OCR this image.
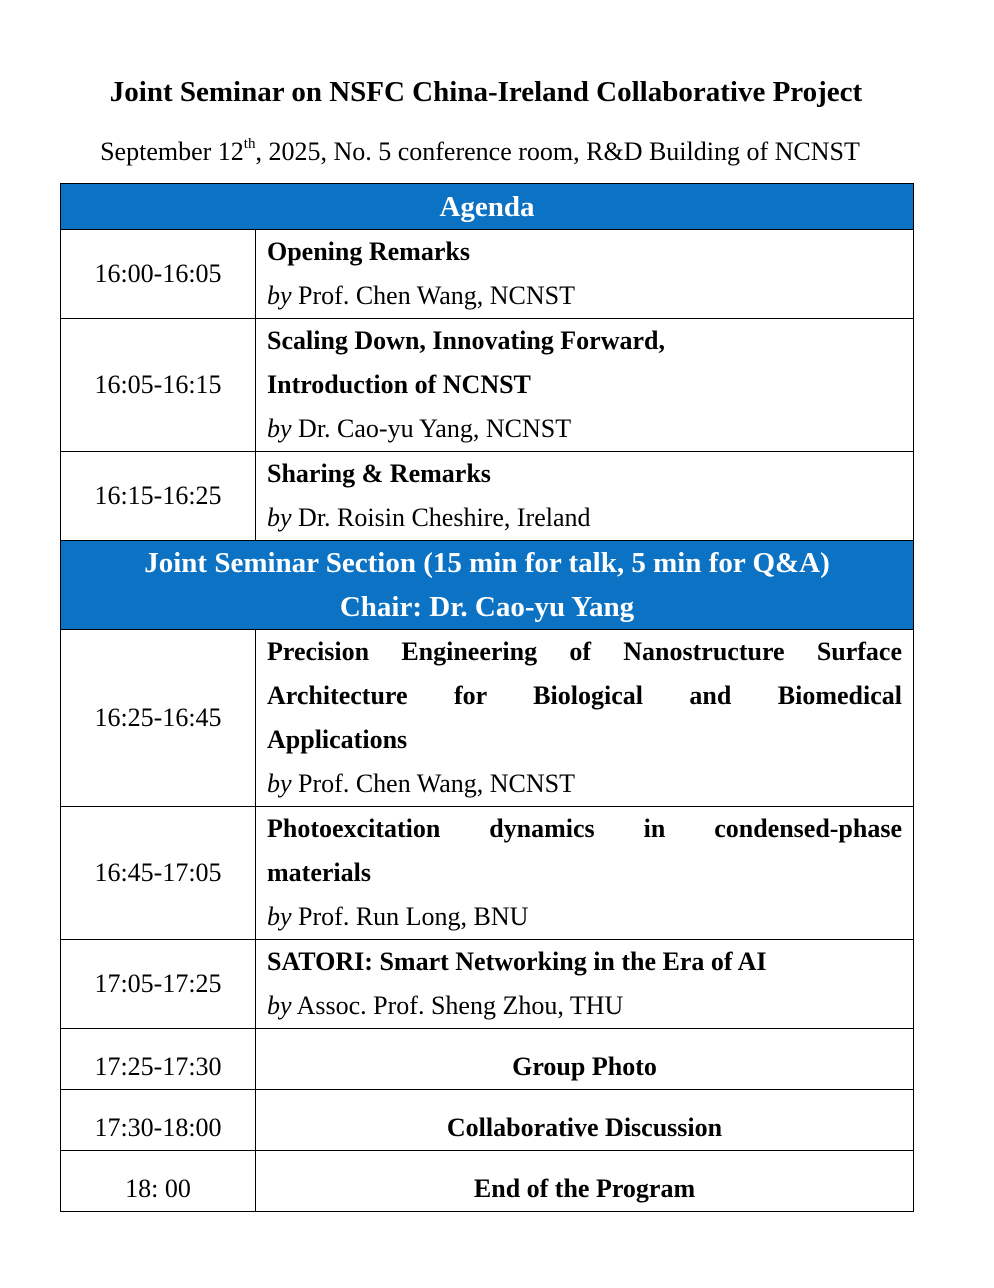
Joint Seminar on NSFC China-Ireland Collaborative Project
September 12th, 2025, No. 5 conference room, R&D Building of NCNST
Agenda	
16:00-16:05	Opening Remarks
by Prof. Chen Wang, NCNST

16:05-16:15	Scaling Down, Innovating Forward,
Introduction of NCNST
by Dr. Cao-yu Yang, NCNST

16:15-16:25	Sharing & Remarks
by Dr. Roisin Cheshire, Ireland

Joint Seminar Section (15 min for talk, 5 min for Q&A)
Chair: Dr. Cao-yu Yang	

16:25-16:45	Precision Engineering of Nanostructure Surface
Architecture for Biological and Biomedical
Applications
by Prof. Chen Wang, NCNST

16:45-17:05	Photoexcitation dynamics in condensed-phase
materials
by Prof. Run Long, BNU

17:05-17:25	SATORI: Smart Networking in the Era of AI
by Assoc. Prof. Sheng Zhou, THU

17:25-17:30	Group Photo
17:30-18:00	Collaborative Discussion
18: 00	End of the Program
